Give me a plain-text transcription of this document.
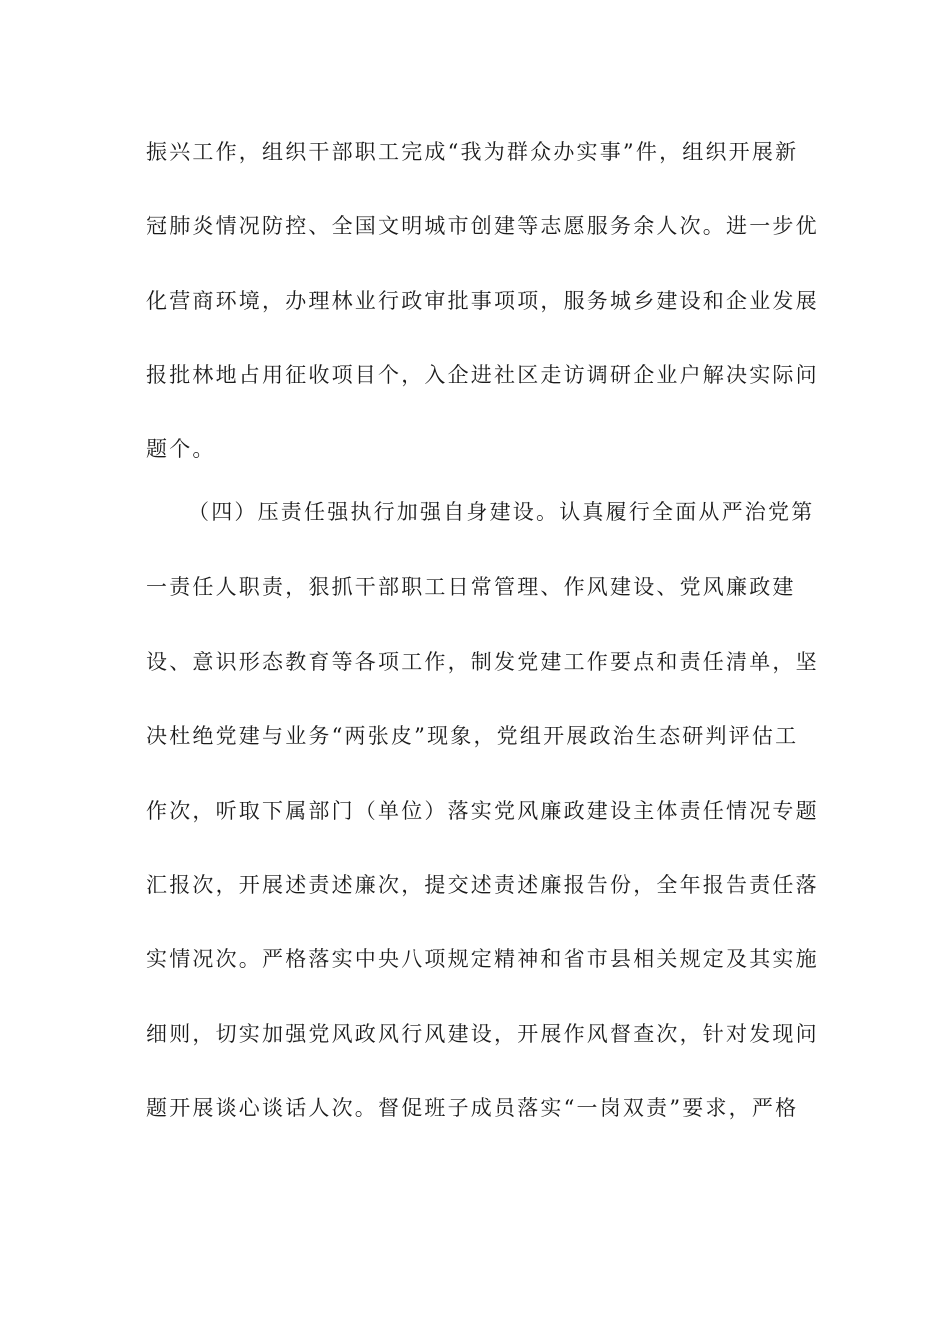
振兴工作，组织干部职工完成“我为群众办实事”件，组织开展新
冠肺炎情况防控、全国文明城市创建等志愿服务余人次。进一步优
化营商环境，办理林业行政审批事项项，服务城乡建设和企业发展
报批林地占用征收项目个，入企进社区走访调研企业户解决实际问
题个。
（四）压责任强执行加强自身建设。认真履行全面从严治党第
一责任人职责，狠抓干部职工日常管理、作风建设、党风廉政建
设、意识形态教育等各项工作，制发党建工作要点和责任清单，坚
决杜绝党建与业务“两张皮”现象，党组开展政治生态研判评估工
作次，听取下属部门（单位）落实党风廉政建设主体责任情况专题
汇报次，开展述责述廉次，提交述责述廉报告份，全年报告责任落
实情况次。严格落实中央八项规定精神和省市县相关规定及其实施
细则，切实加强党风政风行风建设，开展作风督查次，针对发现问
题开展谈心谈话人次。督促班子成员落实“一岗双责”要求，严格
